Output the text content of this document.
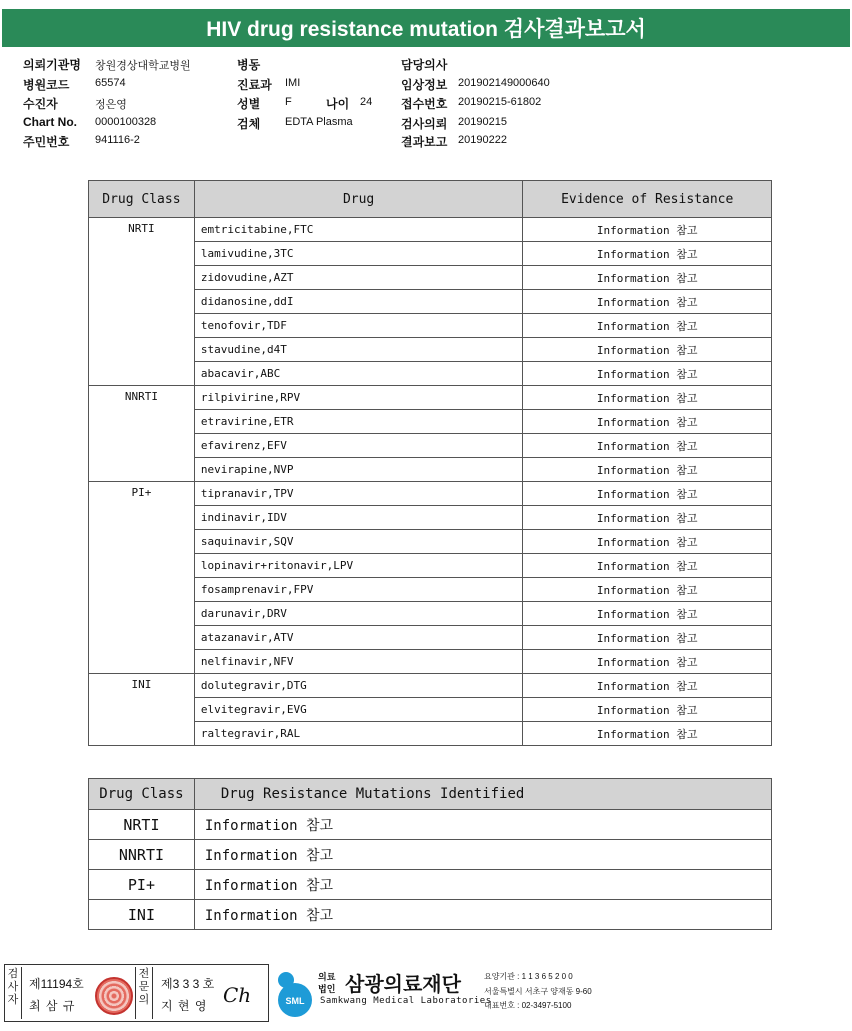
HIV drug resistance mutation 검사결과보고서
의뢰기관명 창원경상대학교병원
병원코드 65574
수진자	정은영
Chart No. 0000100328
주민번호 941116-2
병동
진료과 IMI
성별 F	나이 24
검체 EDTA Plasma
담당의사
임상정보 201902149000640
접수번호 20190215-61802
검사의뢰 20190215
결과보고 20190222
Drug Class	Drug	Evidence of Resistance
NRTI	emtricitabine,FTC	Information 참고
	lamivudine,3TC	Information 참고
	zidovudine,AZT	Information 참고
	didanosine,ddI	Information 참고
	tenofovir,TDF	Information 참고
	stavudine,d4T	Information 참고
	abacavir,ABC	Information 참고
NNRTI	rilpivirine,RPV	Information 참고
	etravirine,ETR	Information 참고
	efavirenz,EFV	Information 참고
	nevirapine,NVP	Information 참고
PI+	tipranavir,TPV	Information 참고
	indinavir,IDV	Information 참고
	saquinavir,SQV	Information 참고
	lopinavir+ritonavir,LPV	Information 참고
	fosamprenavir,FPV	Information 참고
	darunavir,DRV	Information 참고
	atazanavir,ATV	Information 참고
	nelfinavir,NFV	Information 참고
INI	dolutegravir,DTG	Information 참고
	elvitegravir,EVG	Information 참고
	raltegravir,RAL	Information 참고
Drug Class	Drug Resistance Mutations Identified
NRTI	Information 참고
NNRTI	Information 참고
PI+	Information 참고
INI	Information 참고
검사자
제11194호
최 삼 규
전문의
제3 3 3 호
지 현 영 Ch	SML
의료
법인 삼광의료재단
Samkwang Medical Laboratories
요양기관 : 1 1 3 6 5 2 0 0
서울특별시 서초구 양재동 9-60
대표번호 : 02-3497-5100
